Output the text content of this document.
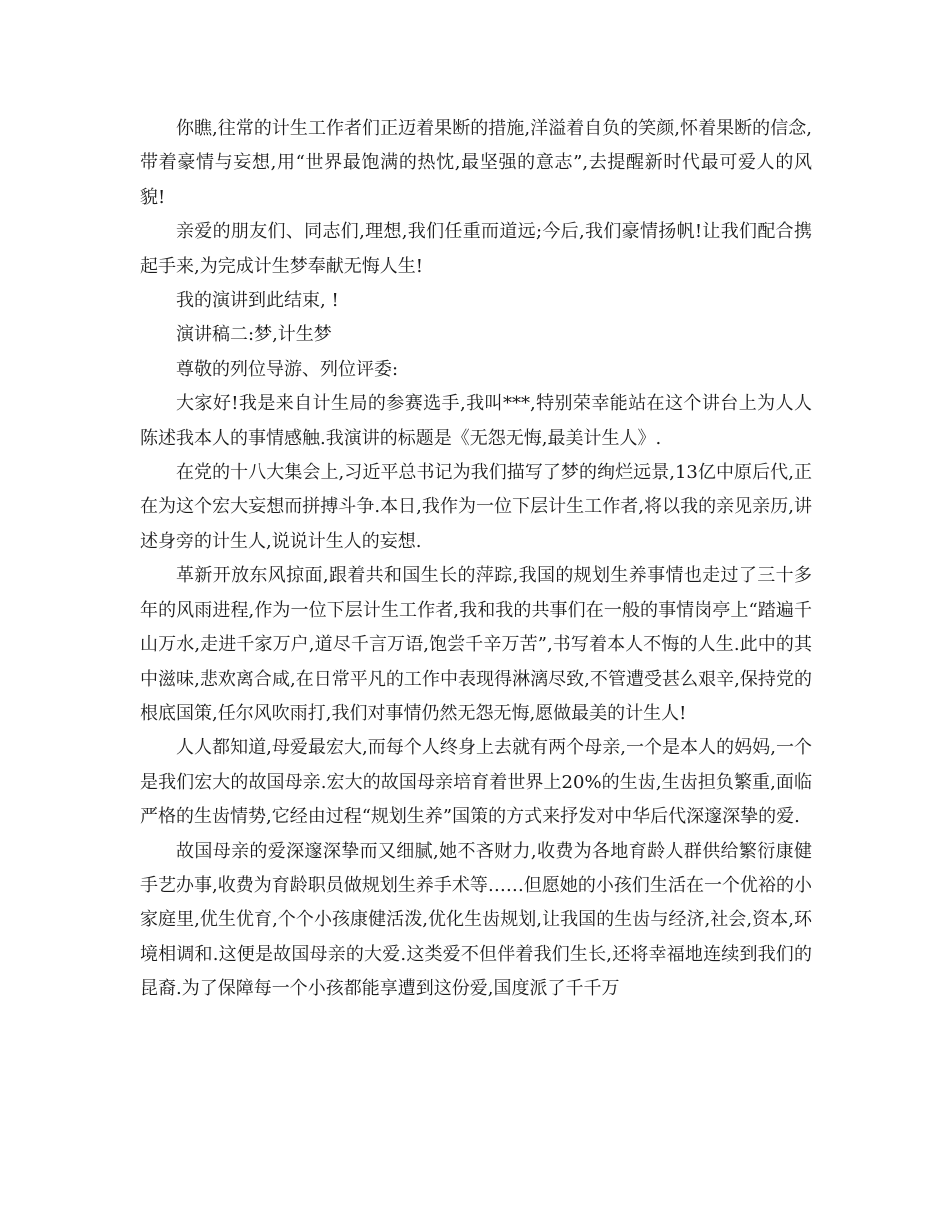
你瞧,往常的计生工作者们正迈着果断的措施,洋溢着自负的笑颜,怀着果断的信念,带着豪情与妄想,用“世界最饱满的热忱,最坚强的意志”,去提醒新时代最可爱人的风貌!

亲爱的朋友们、同志们,理想,我们任重而道远;今后,我们豪情扬帆!让我们配合携起手来,为完成计生梦奉献无悔人生!

我的演讲到此结束, !

演讲稿二:梦,计生梦

尊敬的列位导游、列位评委:

大家好!我是来自计生局的参赛选手,我叫***,特别荣幸能站在这个讲台上为人人陈述我本人的事情感触.我演讲的标题是《无怨无悔,最美计生人》.

在党的十八大集会上,习近平总书记为我们描写了梦的绚烂远景,13亿中原后代,正在为这个宏大妄想而拼搏斗争.本日,我作为一位下层计生工作者,将以我的亲见亲历,讲述身旁的计生人,说说计生人的妄想.

革新开放东风掠面,跟着共和国生长的萍踪,我国的规划生养事情也走过了三十多年的风雨进程,作为一位下层计生工作者,我和我的共事们在一般的事情岗亭上“踏遍千山万水,走进千家万户,道尽千言万语,饱尝千辛万苦”,书写着本人不悔的人生.此中的其中滋味,悲欢离合咸,在日常平凡的工作中表现得淋漓尽致,不管遭受甚么艰辛,保持党的根底国策,任尔风吹雨打,我们对事情仍然无怨无悔,愿做最美的计生人!

人人都知道,母爱最宏大,而每个人终身上去就有两个母亲,一个是本人的妈妈,一个是我们宏大的故国母亲.宏大的故国母亲培育着世界上20%的生齿,生齿担负繁重,面临严格的生齿情势,它经由过程“规划生养”国策的方式来抒发对中华后代深邃深挚的爱.

故国母亲的爱深邃深挚而又细腻,她不吝财力,收费为各地育龄人群供给繁衍康健手艺办事,收费为育龄职员做规划生养手术等……但愿她的小孩们生活在一个优裕的小家庭里,优生优育,个个小孩康健活泼,优化生齿规划,让我国的生齿与经济,社会,资本,环境相调和.这便是故国母亲的大爱.这类爱不但伴着我们生长,还将幸福地连续到我们的昆裔.为了保障每一个小孩都能享遭到这份爱,国度派了千千万
